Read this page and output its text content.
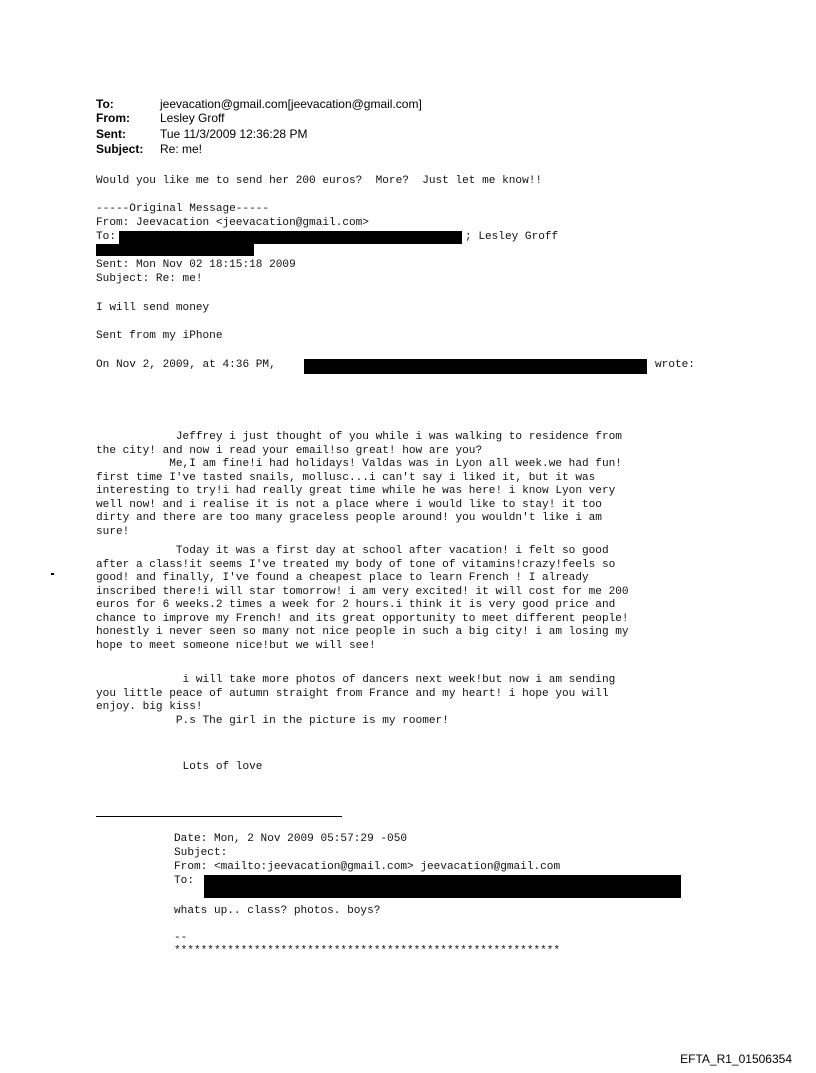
To:	jeevacation@gmail.com[jeevacation@gmail.com]
From:	Lesley Groff
Sent:	Tue 11/3/2009 12:36:28 PM
Subject: Re: me!
Would you like me to send her 200 euros?  More?  Just let me know!!
-----Original Message-----
From: Jeevacation <jeevacation@gmail.com>
To:	; Lesley Groff
Sent: Mon Nov 02 18:15:18 2009
Subject: Re: me!
I will send money
Sent from my iPhone
On Nov 2, 2009, at 4:36 PM,	wrote:
Jeffrey i just thought of you while i was walking to residence from
the city! and now i read your email!so great! how are you?
Me,I am fine!i had holidays! Valdas was in Lyon all week.we had fun!
first time I've tasted snails, mollusc...i can't say i liked it, but it was
interesting to try!i had really great time while he was here! i know Lyon very
well now! and i realise it is not a place where i would like to stay! it too
dirty and there are too many graceless people around! you wouldn't like i am
sure!
Today it was a first day at school after vacation! i felt so good
after a class!it seems I've treated my body of tone of vitamins!crazy!feels so
good! and finally, I've found a cheapest place to learn French ! I already
inscribed there!i will star tomorrow! i am very excited! it will cost for me 200
euros for 6 weeks.2 times a week for 2 hours.i think it is very good price and
chance to improve my French! and its great opportunity to meet different people!
honestly i never seen so many not nice people in such a big city! i am losing my
hope to meet someone nice!but we will see!
i will take more photos of dancers next week!but now i am sending
you little peace of autumn straight from France and my heart! i hope you will
enjoy. big kiss!
P.s The girl in the picture is my roomer!
Lots of love
Date: Mon, 2 Nov 2009 05:57:29 -050
Subject:
From: <mailto:jeevacation@gmail.com> jeevacation@gmail.com
To:
whats up.. class? photos. boys?
--
**********************************************************
EFTA_R1_01506354
